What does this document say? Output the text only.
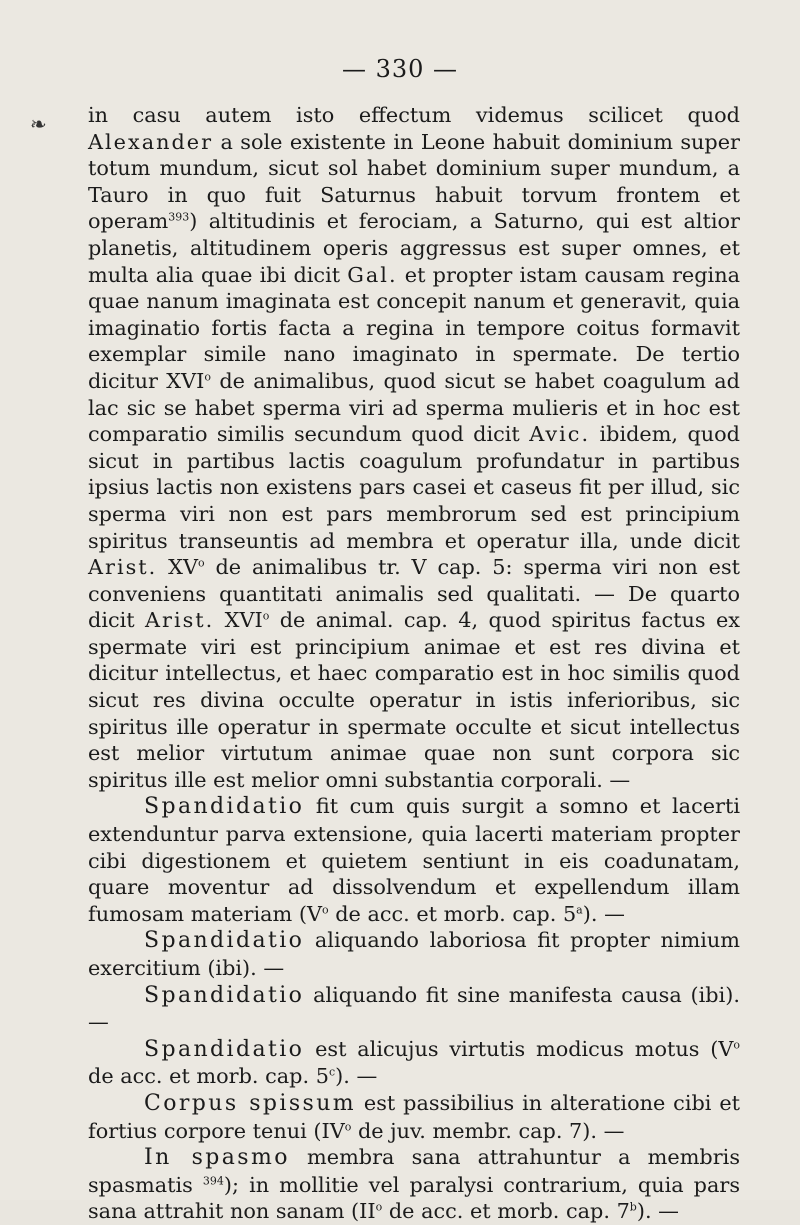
— 330 —
❧ in casu autem isto effectum videmus scilicet quod Alexander a sole existente in Leone habuit dominium super totum mundum, sicut sol habet dominium super mundum, a Tauro in quo fuit Saturnus habuit torvum frontem et operam$^{393}$) altitudinis et ferociam, a Saturno, qui est altior planetis, altitudinem operis aggressus est super omnes, et multa alia quae ibi dicit Gal. et propter istam causam regina quae nanum imaginata est concepit nanum et generavit, quia imaginatio fortis facta a regina in tempore coitus formavit exemplar simile nano imaginato in spermate. De tertio dicitur XVI$^o$ de animalibus, quod sicut se habet coagulum ad lac sic se habet sperma viri ad sperma mulieris et in hoc est comparatio similis secundum quod dicit Avic. ibidem, quod sicut in partibus lactis coagulum profundatur in partibus ipsius lactis non existens pars casei et caseus fit per illud, sic sperma viri non est pars membrorum sed est principium spiritus transeuntis ad membra et operatur illa, unde dicit Arist. $XV^o$ de animalibus tr. V cap. 5: sperma viri non est conveniens quantitati animalis sed qualitati. — De quarto dicit Arist. XVI$^o$ de animal. cap. 4, quod spiritus factus ex spermate viri est principium animae et est res divina et dicitur intellectus, et haec comparatio est in hoc similis quod sicut res divina occulte operatur in istis inferioribus, sic spiritus ille operatur in spermate occulte et sicut intellectus est melior virtutum animae quae non sunt corpora sic spiritus ille est melior omni substantia corporali. —

Spandidatio fit cum quis surgit a somno et lacerti extenduntur parva extensione, quia lacerti materiam propter cibi digestionem et quietem sentiunt in eis coadunatam, quare moventur ad dissolvendum et expellendum illam fumosam materiam ($V^o$ de acc. et morb. cap. 5$^a$). —

Spandidatio aliquando laboriosa fit propter nimium exercitium (ibi). —

Spandidatio aliquando fit sine manifesta causa (ibi). —

Spandidatio est alicujus virtutis modicus motus ($V^o$ de acc. et morb. cap. 5$^c$). —

Corpus spissum est passibilius in alteratione cibi et fortius corpore tenui ($IV^o$ de juv. membr. cap. 7). —

In spasmo membra sana attrahuntur a membris spasmatis $^{394}$); in mollitie vel paralysi contrarium, quia pars sana attrahit non sanam ($II^o$ de acc. et morb. cap. 7$^b$). —
